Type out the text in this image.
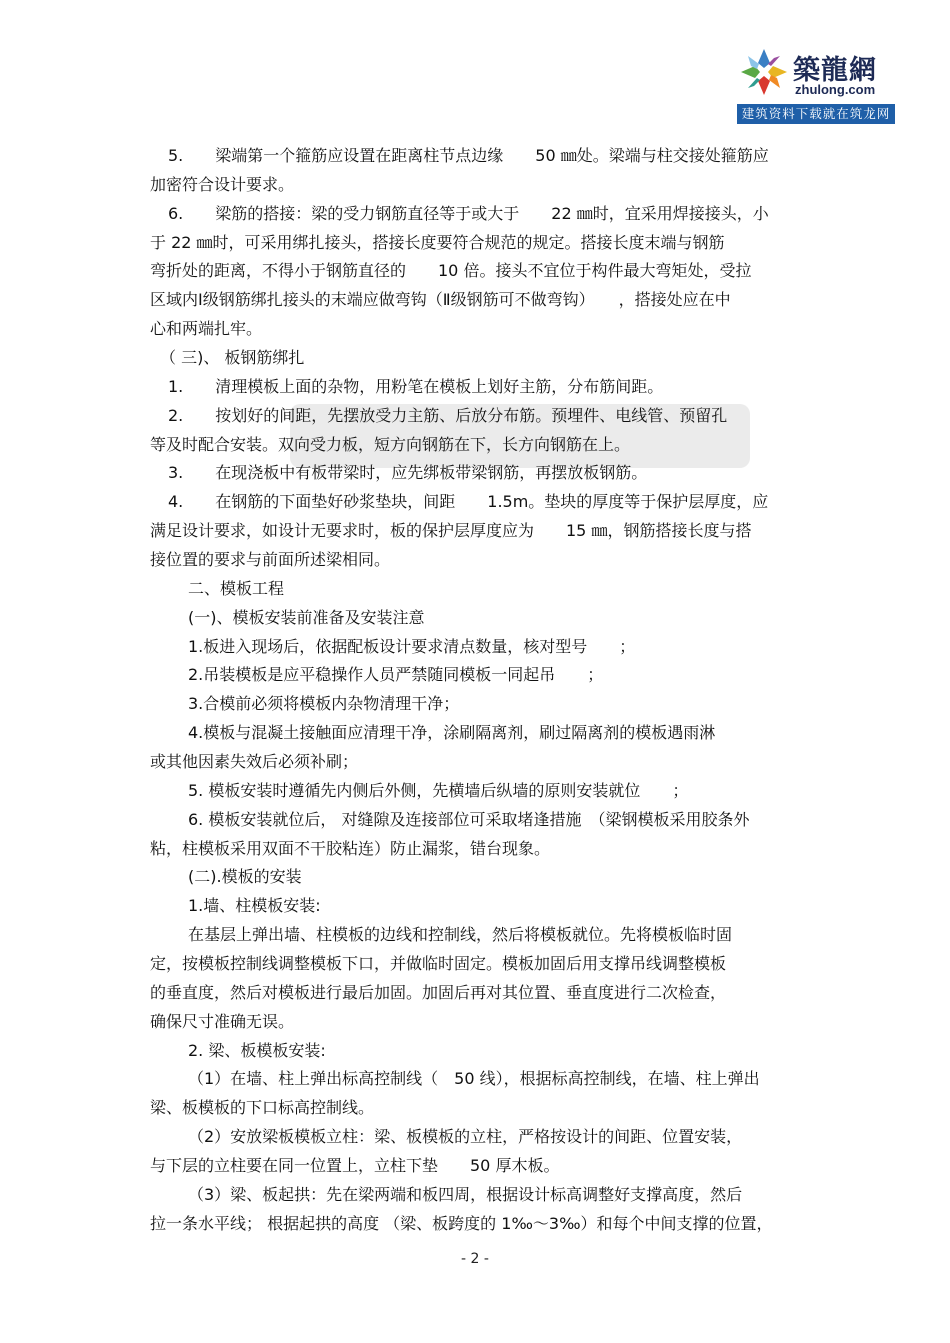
築龍網
zhulong.com
建筑资料下载就在筑龙网
5.　　梁端第一个箍筋应设置在距离柱节点边缘　　50 ㎜处。梁端与柱交接处箍筋应
加密符合设计要求。
6.　　梁筋的搭接：梁的受力钢筋直径等于或大于　　22 ㎜时，宜采用焊接接头，小
于 22 ㎜时，可采用绑扎接头，搭接长度要符合规范的规定。搭接长度末端与钢筋
弯折处的距离，不得小于钢筋直径的　　10 倍。接头不宜位于构件最大弯矩处，受拉
区域内Ⅰ级钢筋绑扎接头的末端应做弯钩（Ⅱ级钢筋可不做弯钩）　　，搭接处应在中
心和两端扎牢。
（ 三)、 板钢筋绑扎
1.　　清理模板上面的杂物，用粉笔在模板上划好主筋，分布筋间距。
2.　　按划好的间距，先摆放受力主筋、后放分布筋。预埋件、电线管、预留孔
等及时配合安装。双向受力板，短方向钢筋在下，长方向钢筋在上。
3.　　在现浇板中有板带梁时，应先绑板带梁钢筋，再摆放板钢筋。
4.　　在钢筋的下面垫好砂浆垫块，间距　　1.5m。垫块的厚度等于保护层厚度，应
满足设计要求，如设计无要求时，板的保护层厚度应为　　15 ㎜，钢筋搭接长度与搭
接位置的要求与前面所述梁相同。
二、模板工程
(一)、模板安装前准备及安装注意
1.板进入现场后，依据配板设计要求清点数量，核对型号　　；
2.吊装模板是应平稳操作人员严禁随同模板一同起吊　　；
3.合模前必须将模板内杂物清理干净；
4.模板与混凝土接触面应清理干净，涂刷隔离剂，刷过隔离剂的模板遇雨淋
或其他因素失效后必须补刷；
5. 模板安装时遵循先内侧后外侧，先横墙后纵墙的原则安装就位　　；
6. 模板安装就位后， 对缝隙及连接部位可采取堵逢措施　（梁钢模板采用胶条外
粘，柱模板采用双面不干胶粘连）防止漏浆，错台现象。
(二).模板的安装
1.墙、柱模板安装:
在基层上弹出墙、柱模板的边线和控制线，然后将模板就位。先将模板临时固
定，按模板控制线调整模板下口，并做临时固定。模板加固后用支撑吊线调整模板
的垂直度，然后对模板进行最后加固。加固后再对其位置、垂直度进行二次检查，
确保尺寸准确无误。
2. 梁、板模板安装:
（1）在墙、柱上弹出标高控制线（　50 线），根据标高控制线，在墙、柱上弹出
梁、板模板的下口标高控制线。
（2）安放梁板模板立柱：梁、板模板的立柱，严格按设计的间距、位置安装，
与下层的立柱要在同一位置上，立柱下垫　　50 厚木板。
（3）梁、板起拱：先在梁两端和板四周，根据设计标高调整好支撑高度，然后
拉一条水平线； 根据起拱的高度 （梁、板跨度的 1‰～3‰）和每个中间支撑的位置，
- 2 -
